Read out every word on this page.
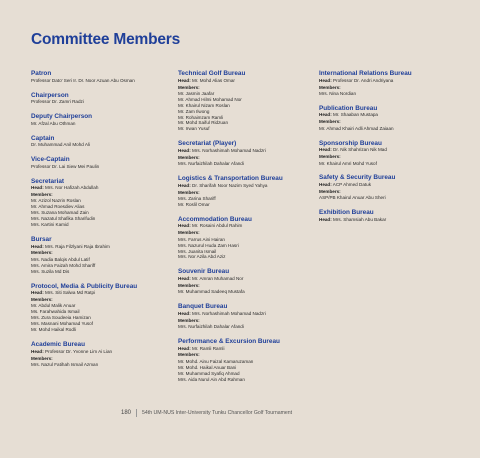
Committee Members
Patron
Professor Dato' Seri Ir. Dr. Noor Azuan Abu Osman
Chairperson
Professor Dr. Zamri Radzi
Deputy Chairperson
Mr. Afzal Abu Othman
Captain
Dr. Muhammad Anil Mohd Ali
Vice-Captain
Professor Dr. Lai Siew Mei Paulin
Secretariat
Head: Mrs. Nor Hafizah Abdullah
Members:
Mr. Azizol Nazrin Roslan
Mr. Ahmad Roesdiev Alias
Mrs. Suzana Mohamad Zain
Mrs. Nazatul Shafika Sharifudin
Mrs. Kartini Kamid
Bursar
Head: Mrs. Raja Filzlyani Raja Ibrahim
Members:
Mrs. Nadia Balqis Abdul Latif
Mrs. Amira Faizah Mohd Shariff
Mrs. Suzila Md Dis
Protocol, Media & Publicity Bureau
Head: Mrs. Siti Salwa Md Ratpi
Members:
Mr. Abdul Malik Anuar
Ms. Farahwahida Ismail
Mrs. Zura Soudeeia Hamizan
Mrs. Masnani Mohamad Yusof
Mr. Mohd Haikal Rodli
Academic Bureau
Head: Professor Dr. Yvonne Lim Ai Lian
Members:
Mrs. Nazul Fatihah Ismail Azman
Technical Golf Bureau
Head: Mr. Mohd Alias Omar
Members:
Mr. Jasmin Jaafar
Mr. Ahmad Hilmi Mohamad Nor
Mr. Khairul Nizam Roslan
Mr. Zam Ilwong
Mr. Rohaimzam Ramli
Mr. Mohd Saiful Ridzuan
Mr. Irwan Yusuf
Secretariat (Player)
Head: Mrs. Norhashimah Mohamad Nadzri
Members:
Mrs. Nurfaizhilah Dahalar Afandi
Logistics & Transportation Bureau
Head: Dr. Sharifah Noor Nazim Syed Yahya
Members:
Mrs. Zarina Shariff
Mr. Roslil Omar
Accommodation Bureau
Head: Mr. Rosaini Abdul Rahim
Members:
Mrs. Farrus Aini Hairan
Mrs. Nazurul Huda Zam Hasri
Mrs. Juanita Ismail
Mrs. Nor Azila Abd Aziz
Souvenir Bureau
Head: Mr. Amran Muhamad Nor
Members:
Mr. Muhammad Sadeeq Mustafa
Banquet Bureau
Head: Mrs. Norhashimah Mohamad Nadzri
Members:
Mrs. Nurfaizhilah Dahalar Afandi
Performance & Excursion Bureau
Head: Mr. Ramli Ramli
Members:
Mr. Mohd. Ainu Faizal Kamaruzaman
Mr. Mohd. Haikal Anuar Bani
Mr. Muhammad Syafiq Ahmad
Mrs. Aida Nurul Ain Abd Rahman
International Relations Bureau
Head: Professor Dr. Andri Andriyana
Members:
Mrs. Nina Nordian
Publication Bureau
Head: Mr. Shaaban Mustapa
Members:
Mr. Ahmad Khairi Adli Ahmad Zaiaan
Sponsorship Bureau
Head: Dr. Nik Shahrizan Nik Mad
Members:
Mr. Khairul Amri Mohd Yusof
Safety & Security Bureau
Head: ACP Ahmed Datuk
Members:
ASP/PB Khairul Anuar Abu Sheri
Exhibition Bureau
Head: Mrs. Shamsiah Abu Bakar
180 54th UM-NUS Inter-University Tunku Chancellor Golf Tournament
